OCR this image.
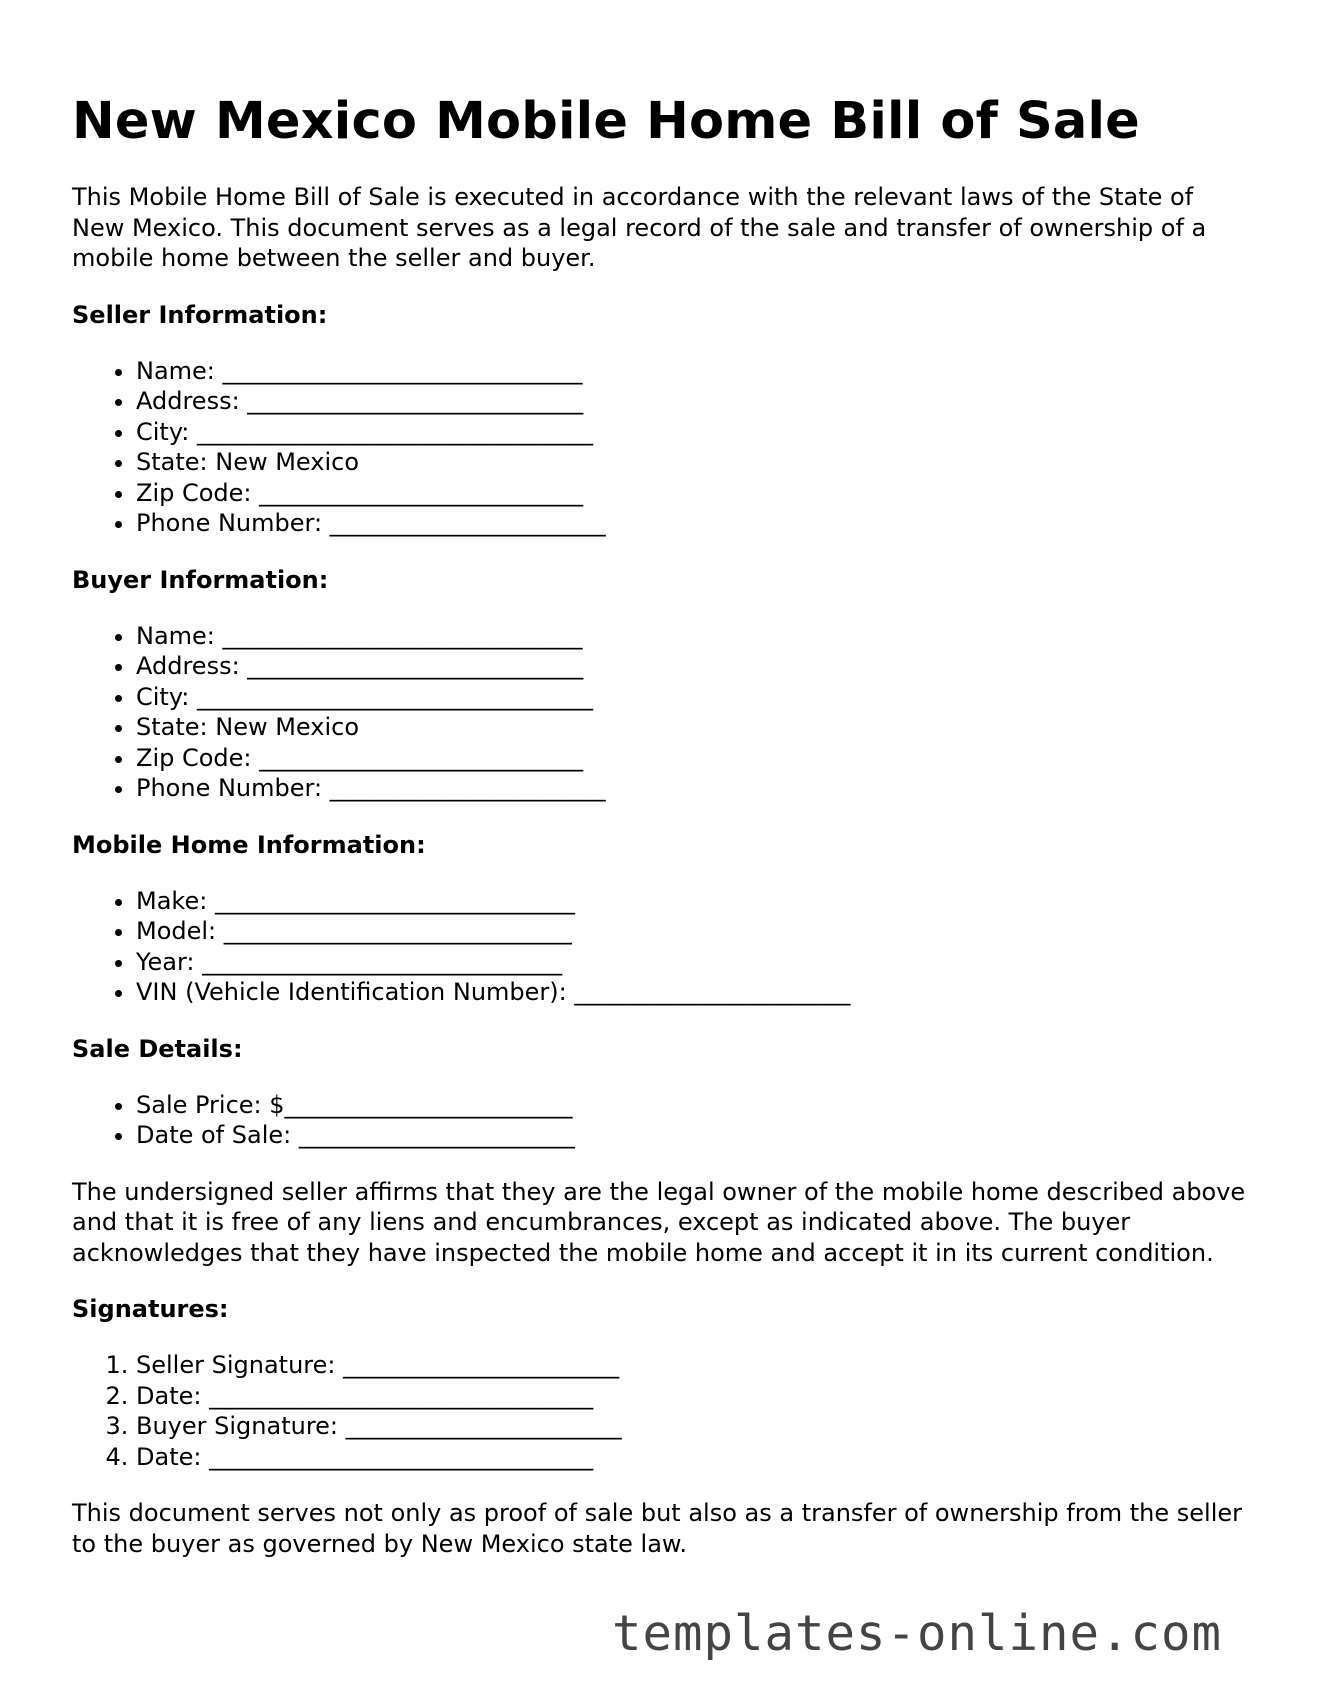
New Mexico Mobile Home Bill of Sale

This Mobile Home Bill of Sale is executed in accordance with the relevant laws of the State of New Mexico. This document serves as a legal record of the sale and transfer of ownership of a mobile home between the seller and buyer.

Seller Information:
• Name: ______________________________
• Address: ____________________________
• City: _________________________________
• State: New Mexico
• Zip Code: ___________________________
• Phone Number: _______________________
Buyer Information:
• Name: ______________________________
• Address: ____________________________
• City: _________________________________
• State: New Mexico
• Zip Code: ___________________________
• Phone Number: _______________________
Mobile Home Information:
• Make: ______________________________
• Model: _____________________________
• Year: ______________________________
• VIN (Vehicle Identification Number): _______________________
Sale Details:
• Sale Price: $________________________
• Date of Sale: _______________________

The undersigned seller affirms that they are the legal owner of the mobile home described above and that it is free of any liens and encumbrances, except as indicated above. The buyer acknowledges that they have inspected the mobile home and accept it in its current condition.

Signatures:
1. Seller Signature: _______________________
2. Date: ________________________________
3. Buyer Signature: _______________________
4. Date: ________________________________

This document serves not only as proof of sale but also as a transfer of ownership from the seller to the buyer as governed by New Mexico state law.

templates-online.com
